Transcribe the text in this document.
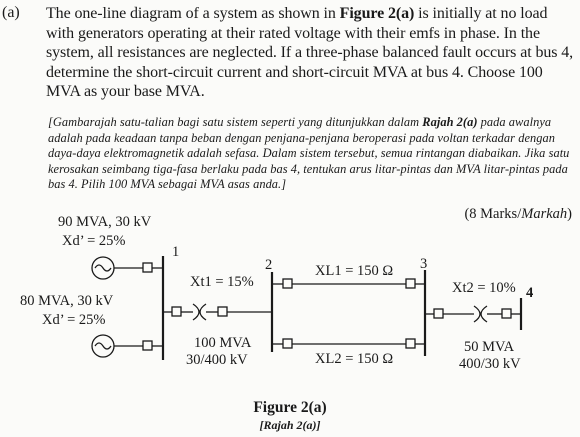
(a) The one-line diagram of a system as shown in Figure 2(a) is initially at no load with generators operating at their rated voltage with their emfs in phase. In the system, all resistances are neglected. If a three-phase balanced fault occurs at bus 4, determine the short-circuit current and short-circuit MVA at bus 4. Choose 100 MVA as your base MVA.
[Gambarajah satu-talian bagi satu sistem seperti yang ditunjukkan dalam Rajah 2(a) pada awalnya adalah pada keadaan tanpa beban dengan penjana-penjana beroperasi pada voltan terkadar dengan daya-daya elektromagnetik adalah sefasa. Dalam sistem tersebut, semua rintangan diabaikan. Jika satu kerosakan seimbang tiga-fasa berlaku pada bas 4, tentukan arus litar-pintas dan MVA litar-pintas pada bas 4. Pilih 100 MVA sebagai MVA asas anda.]
(8 Marks/Markah)
90 MVA, 30 kV
Xd’ = 25%
80 MVA, 30 kV
Xd’ = 25%
Xt1 = 15%
100 MVA
30/400 kV
XL1 = 150 Ω
XL2 = 150 Ω
Xt2 = 10%
50 MVA
400/30 kV
1
2	3
4
Figure 2(a)
[Rajah 2(a)]
